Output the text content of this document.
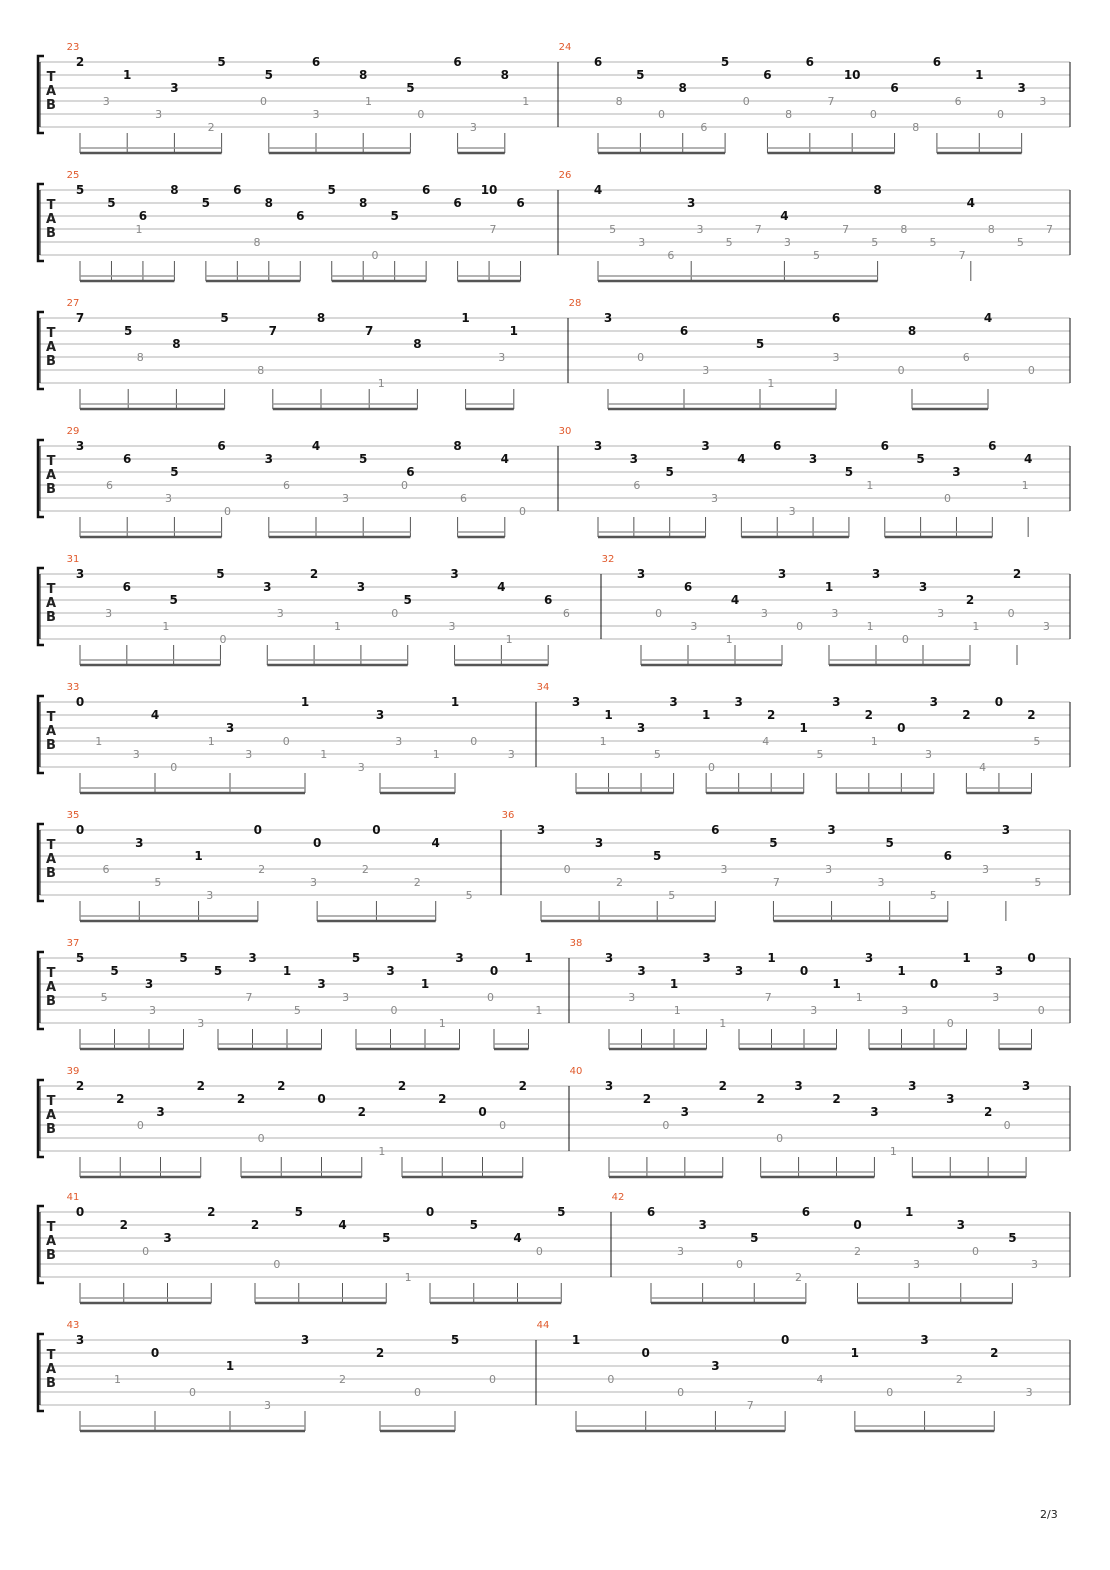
T
A
B
23
2
1
3
5
5
6
8
5
6
8
3
3
2
0
3
1
0
3
1
24
6
5
8
5
6
6
10
6
6
1
3
8
0
6
0
8
7
0
8
6
0
3
T
A
B
25
5
5
6
8
5
6
8
6
5
8
5
6
6
10
6
1
8
0
7
26
4
3
4
8
4
5
3
6
3
5
7
3
5
7
5
8
5
7
8
5
7
T
A
B
27
7
5
8
5
7
8
7
8
1
1
8
8
1
3
28
3
6
5
6
8
4
0
3
1
3
0
6
0
T
A
B
29
3
6
5
6
3
4
5
6
8
4
6
3
0
6
3
0
6
0
30
3
3
5
3
4
6
3
5
6
5
3
6
4
6
3
3
1
0
1
T
A
B
31
3
6
5
5
3
2
3
5
3
4
6
3
1
0
3
1
0
3
1
6
32
3
6
4
3
1
3
3
2
2
0
3
1
3
0
3
1
0
3
1
0
3
T
A
B
33
0
4
3
1
3
1
1
3
0
1
3
0
1
3
3
1
0
3
34
3
1
3
3
1
3
2
1
3
2
0
3
2
0
2
1
5
0
4
5
1
3
4
5
T
A
B
35
0
3
1
0
0
0
4
6
5
3
2
3
2
2
5
36
3
3
5
6
5
3
5
6
3
0
2
5
3
7
3
3
5
3
5
T
A
B
37
5
5
3
5
5
3
1
3
5
3
1
3
0
1
5
3
3
7
5
3
0
1
0
1
38
3
3
1
3
3
1
0
1
3
1
0
1
3
0
3
1
1
7
3
1
3
0
3
0
T
A
B
39
2
2
3
2
2
2
0
2
2
2
0
2
0
0
1
0
40
3
2
3
2
2
3
2
3
3
3
2
3
0
0
1
0
T
A
B
41
0
2
3
2
2
5
4
5
0
5
4
5
0
0
1
0
42
6
3
5
6
0
1
3
5
3
0
2
2
3
0
3
T
A
B
43
3
0
1
3
2
5
1
0
3
2
0
0
44
1
0
3
0
1
3
2
0
0
7
4
0
2
3
2/3
